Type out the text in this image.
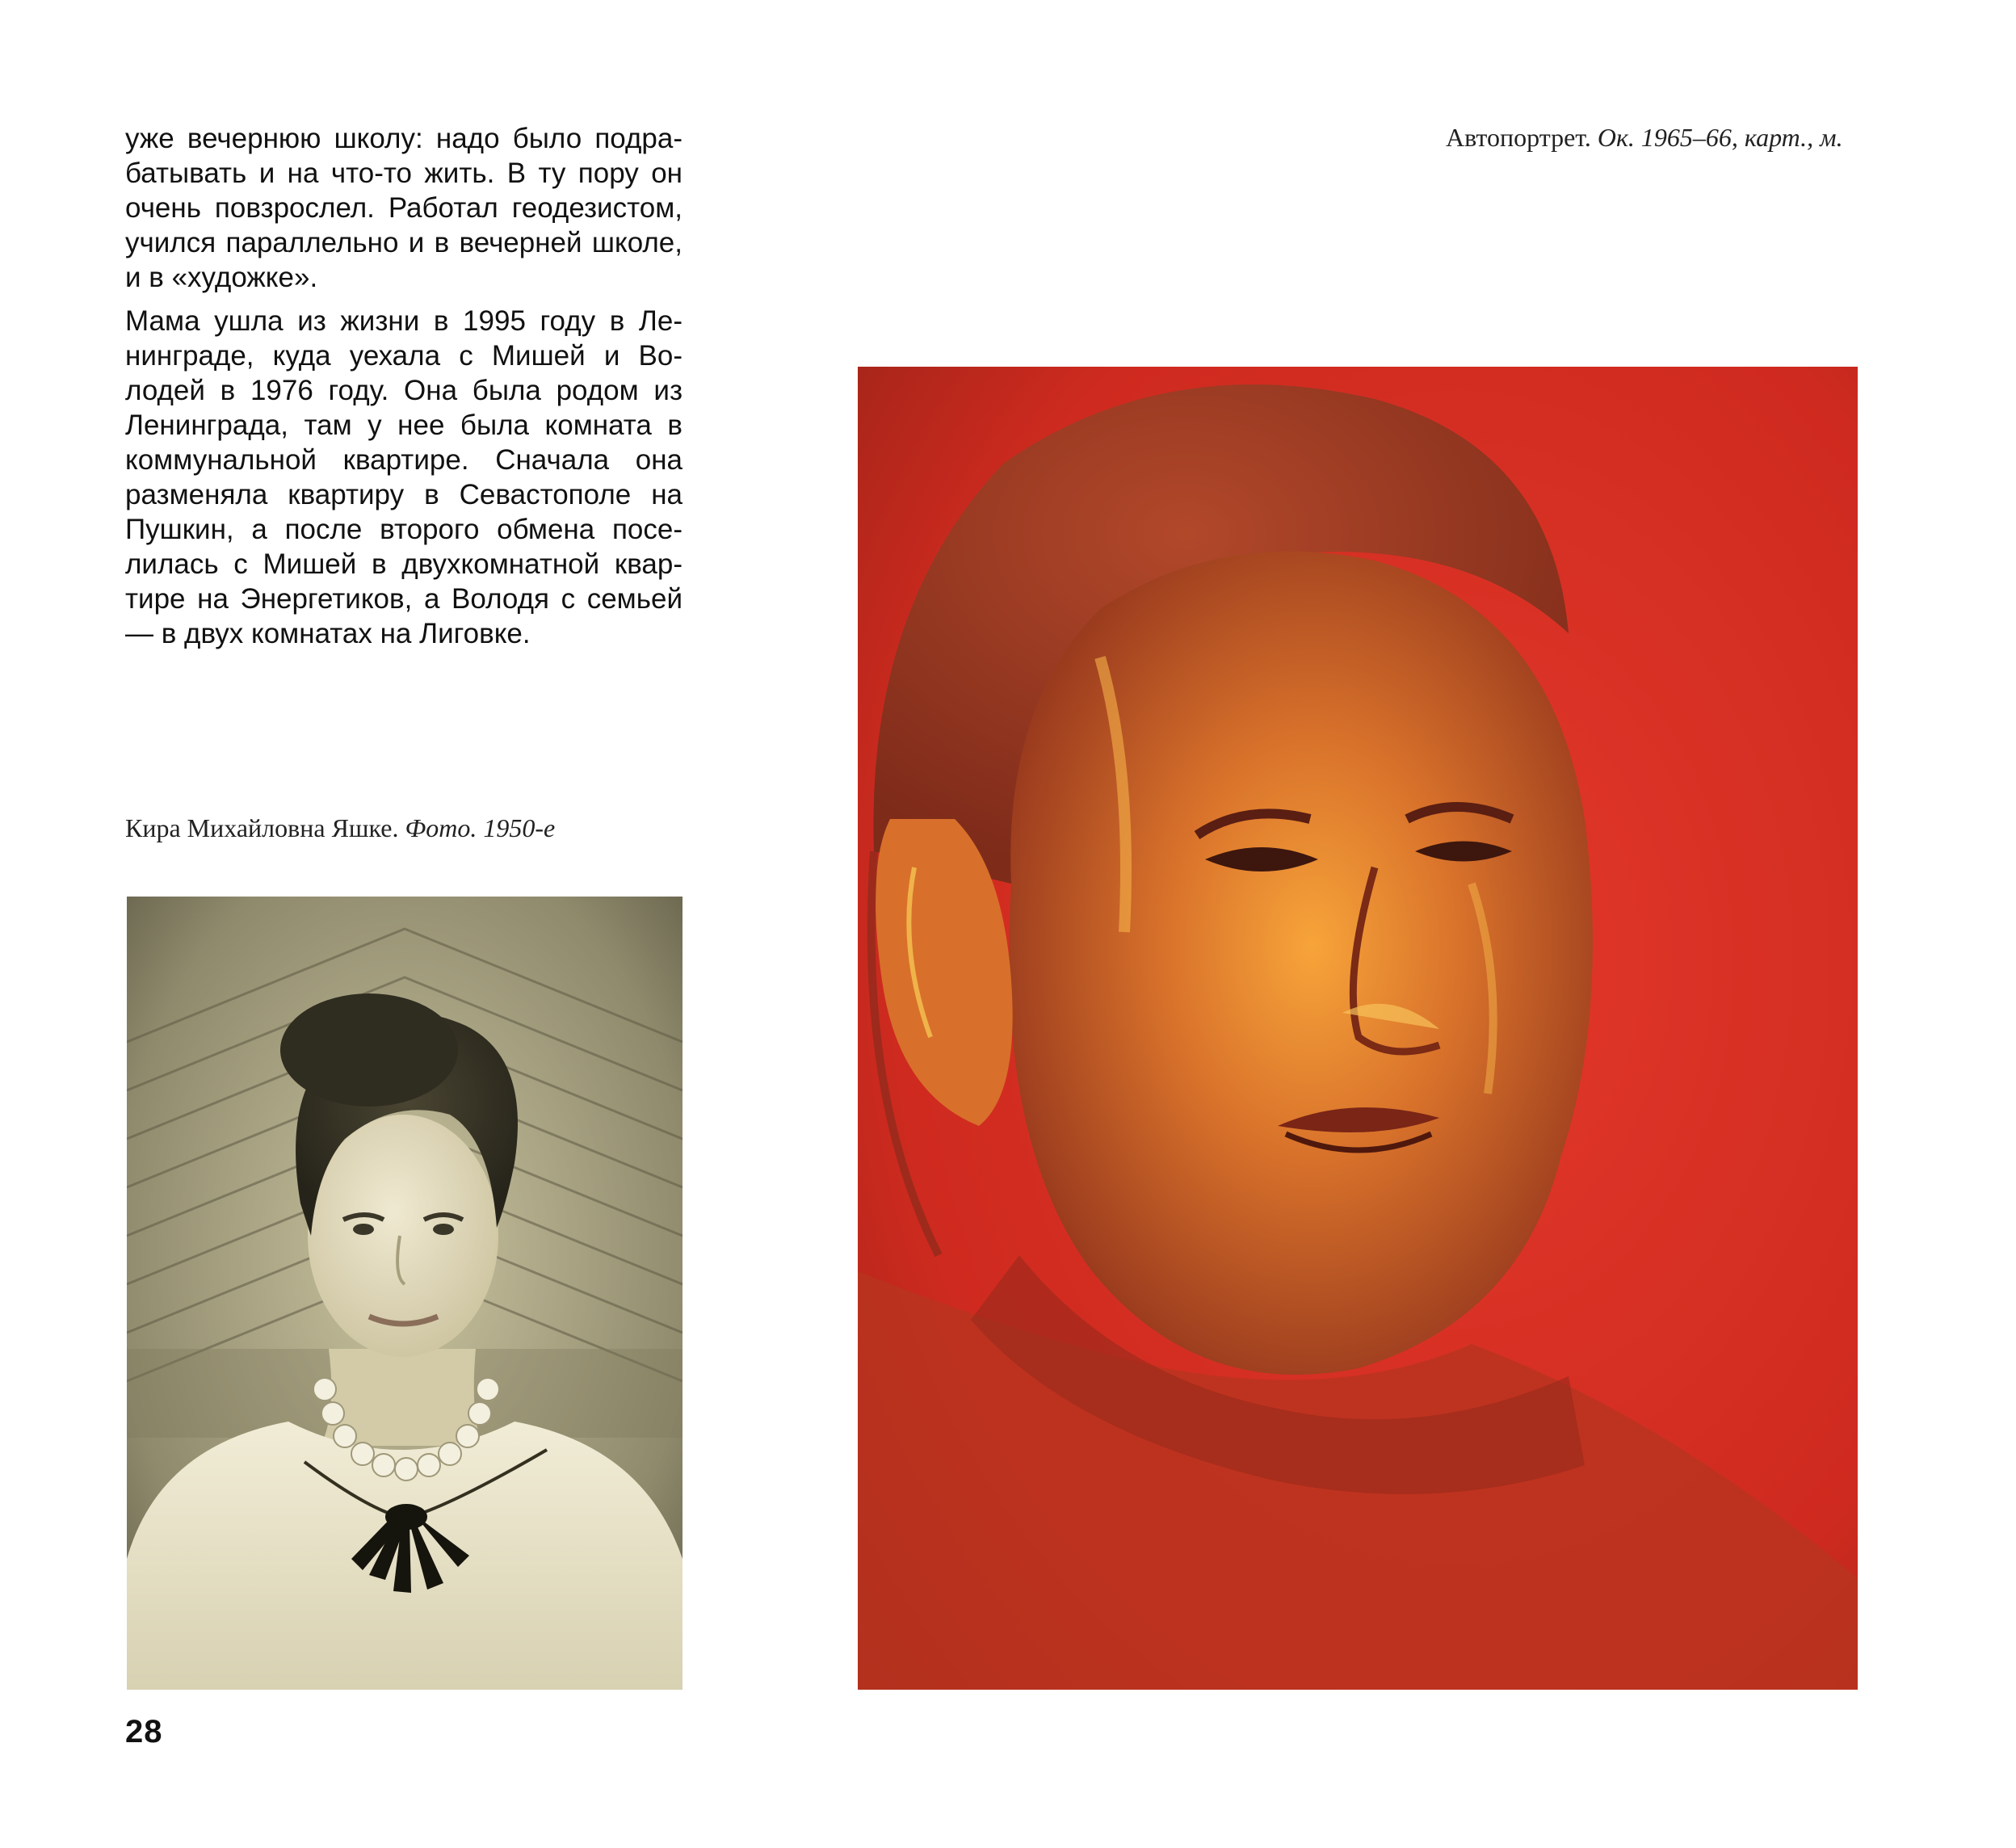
уже вечернюю школу: надо было подрабатывать и на что-то жить. В ту пору он очень повзрослел. Работал геодезистом, учился параллельно и в вечерней школе, и в «художке».

Мама ушла из жизни в 1995 году в Ленинграде, куда уехала с Мишей и Володей в 1976 году. Она была родом из Ленинграда, там у нее была комната в коммунальной квартире. Сначала она разменяла квартиру в Севастополе на Пушкин, а после второго обмена поселилась с Мишей в двухкомнатной квартире на Энергетиков, а Володя с семьей — в двух комнатах на Лиговке.

Автопортрет. Ок. 1965–66, карт., м.
Кира Михайловна Яшке. Фото. 1950-е
28
